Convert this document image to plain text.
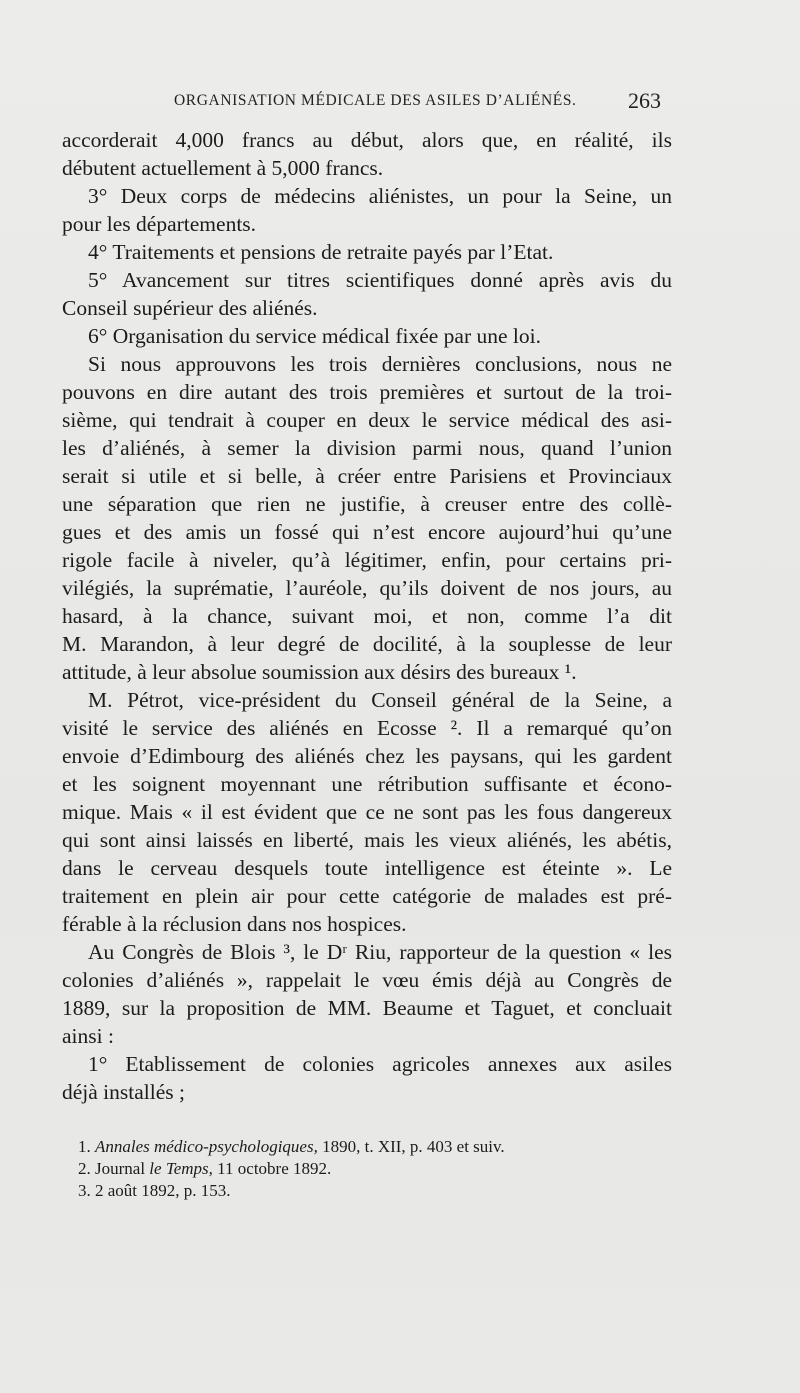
ORGANISATION MÉDICALE DES ASILES D’ALIÉNÉS. 263
accorderait 4,000 francs au début, alors que, en réalité, ils
débutent actuellement à 5,000 francs.
3° Deux corps de médecins aliénistes, un pour la Seine, un
pour les départements.
4° Traitements et pensions de retraite payés par l’Etat.
5° Avancement sur titres scientifiques donné après avis du
Conseil supérieur des aliénés.
6° Organisation du service médical fixée par une loi.
Si nous approuvons les trois dernières conclusions, nous ne
pouvons en dire autant des trois premières et surtout de la troi-
sième, qui tendrait à couper en deux le service médical des asi-
les d’aliénés, à semer la division parmi nous, quand l’union
serait si utile et si belle, à créer entre Parisiens et Provinciaux
une séparation que rien ne justifie, à creuser entre des collè-
gues et des amis un fossé qui n’est encore aujourd’hui qu’une
rigole facile à niveler, qu’à légitimer, enfin, pour certains pri-
vilégiés, la suprématie, l’auréole, qu’ils doivent de nos jours, au
hasard, à la chance, suivant moi, et non, comme l’a dit
M. Marandon, à leur degré de docilité, à la souplesse de leur
attitude, à leur absolue soumission aux désirs des bureaux ¹.
M. Pétrot, vice-président du Conseil général de la Seine, a
visité le service des aliénés en Ecosse ². Il a remarqué qu’on
envoie d’Edimbourg des aliénés chez les paysans, qui les gardent
et les soignent moyennant une rétribution suffisante et écono-
mique. Mais « il est évident que ce ne sont pas les fous dangereux
qui sont ainsi laissés en liberté, mais les vieux aliénés, les abétis,
dans le cerveau desquels toute intelligence est éteinte ». Le
traitement en plein air pour cette catégorie de malades est pré-
férable à la réclusion dans nos hospices.
Au Congrès de Blois ³, le Dʳ Riu, rapporteur de la question « les
colonies d’aliénés », rappelait le vœu émis déjà au Congrès de
1889, sur la proposition de MM. Beaume et Taguet, et concluait
ainsi :
1° Etablissement de colonies agricoles annexes aux asiles
déjà installés ;
1. Annales médico-psychologiques, 1890, t. XII, p. 403 et suiv.
2. Journal le Temps, 11 octobre 1892.
3. 2 août 1892, p. 153.
